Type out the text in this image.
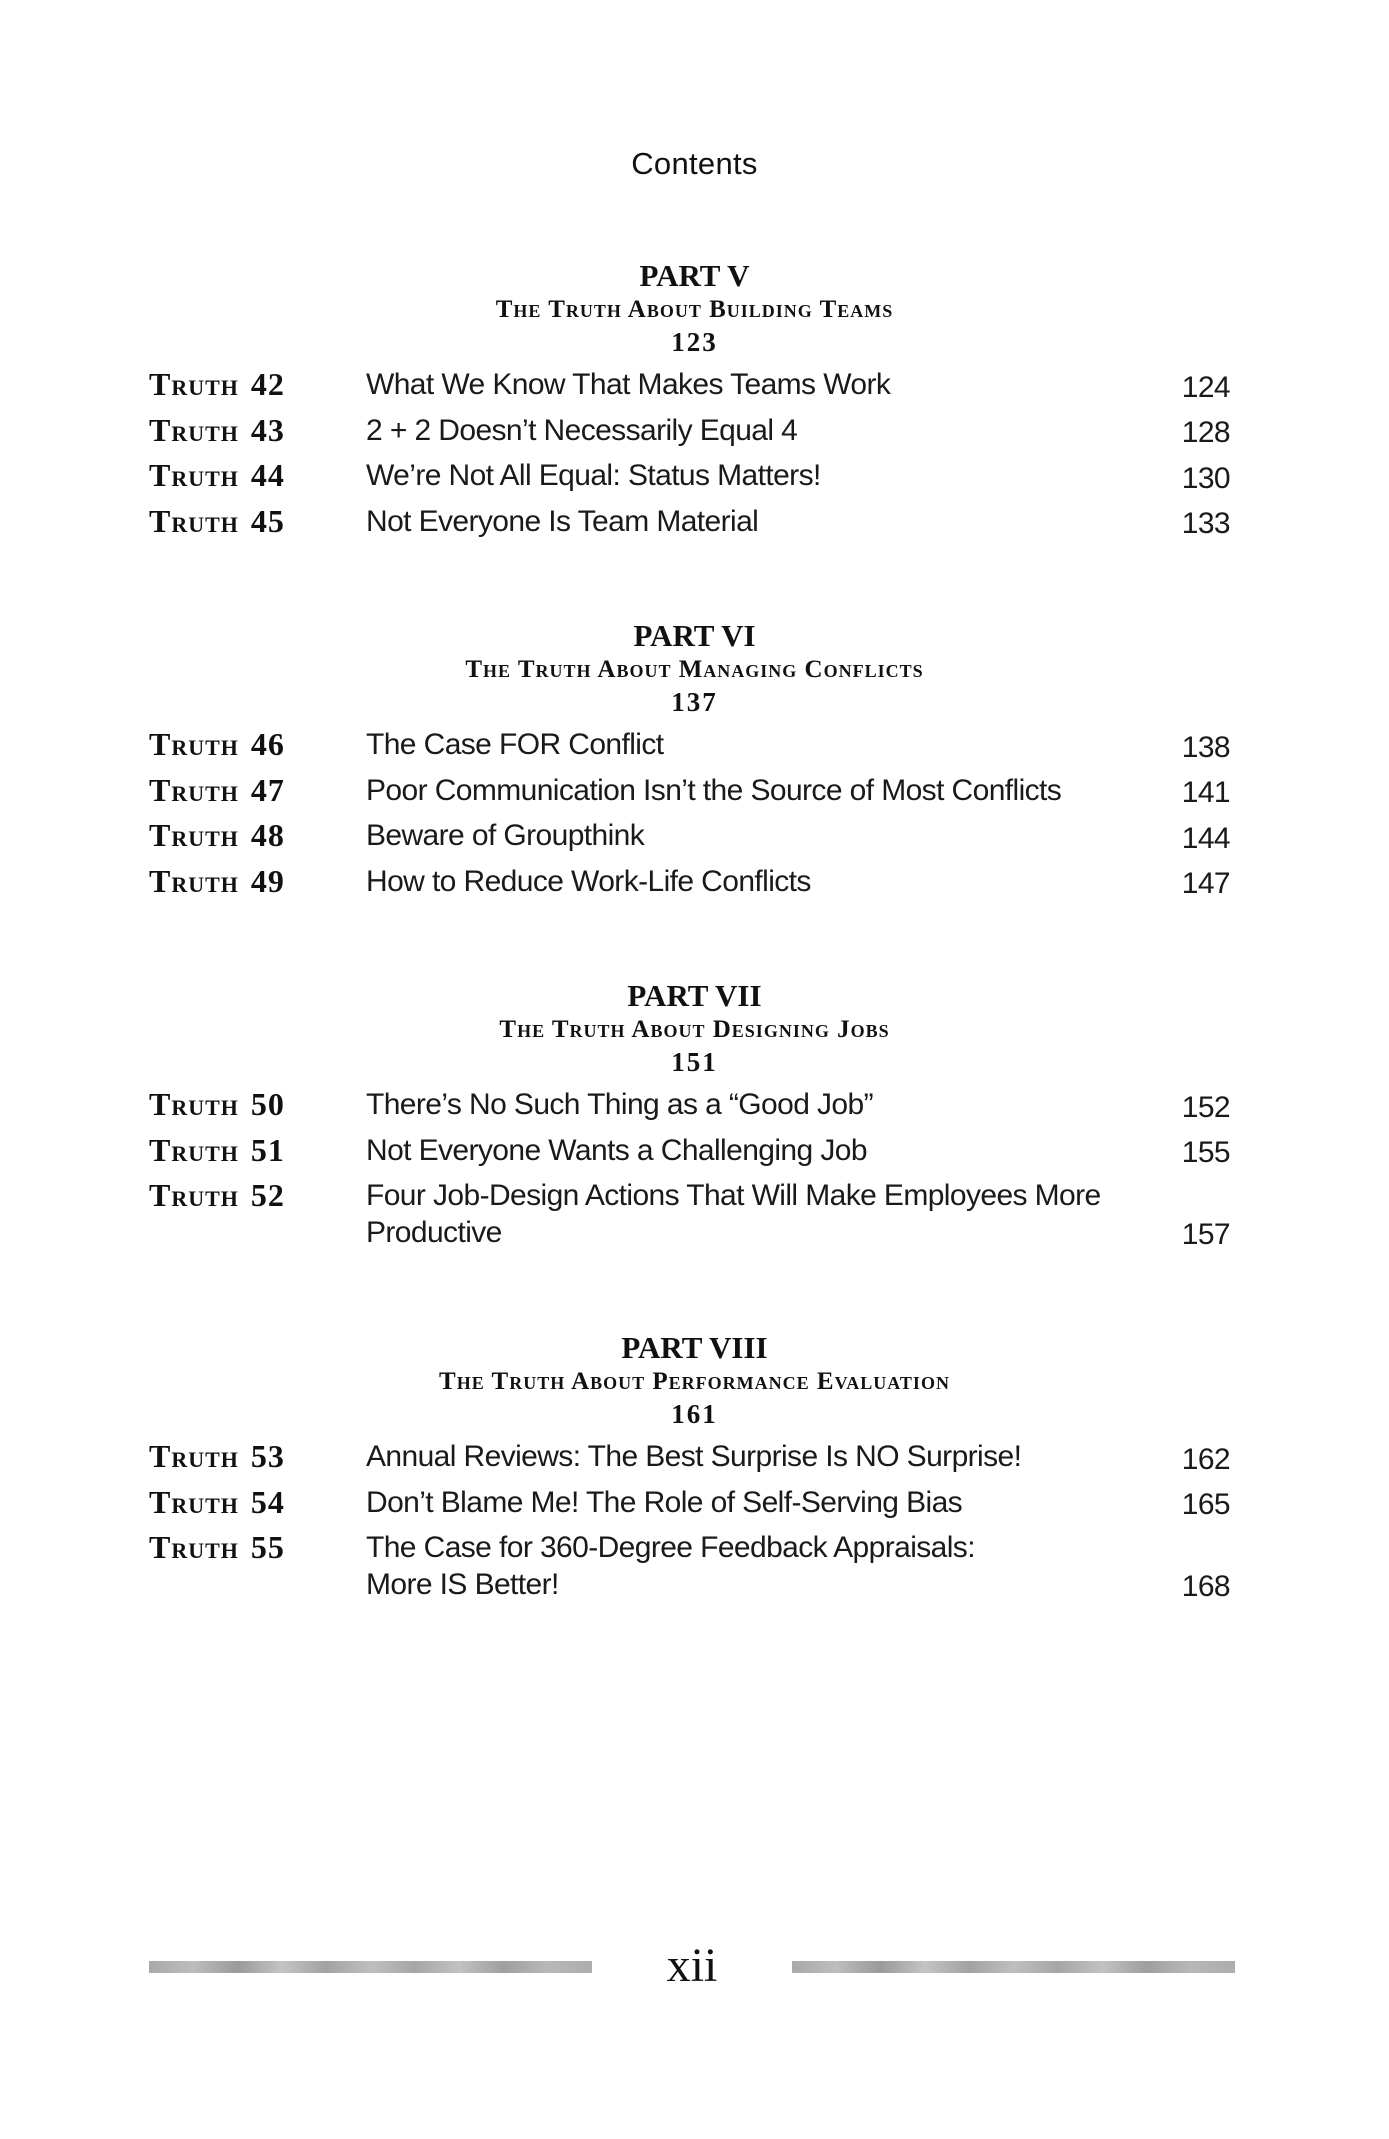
Contents
PART V
The Truth About Building Teams
123
Truth 42	What We Know That Makes Teams Work	124
Truth 43	2 + 2 Doesn’t Necessarily Equal 4	128
Truth 44	We’re Not All Equal: Status Matters!	130
Truth 45	Not Everyone Is Team Material	133
PART VI
The Truth About Managing Conflicts
137
Truth 46	The Case FOR Conflict	138
Truth 47	Poor Communication Isn’t the Source of Most Conflicts	141
Truth 48	Beware of Groupthink	144
Truth 49	How to Reduce Work-Life Conflicts	147
PART VII
The Truth About Designing Jobs
151
Truth 50	There’s No Such Thing as a “Good Job”	152
Truth 51	Not Everyone Wants a Challenging Job	155
Truth 52	Four Job-Design Actions That Will Make Employees More Productive	157
PART VIII
The Truth About Performance Evaluation
161
Truth 53	Annual Reviews: The Best Surprise Is NO Surprise!	162
Truth 54	Don’t Blame Me! The Role of Self-Serving Bias	165
Truth 55	The Case for 360-Degree Feedback Appraisals: More IS Better!	168
xii
